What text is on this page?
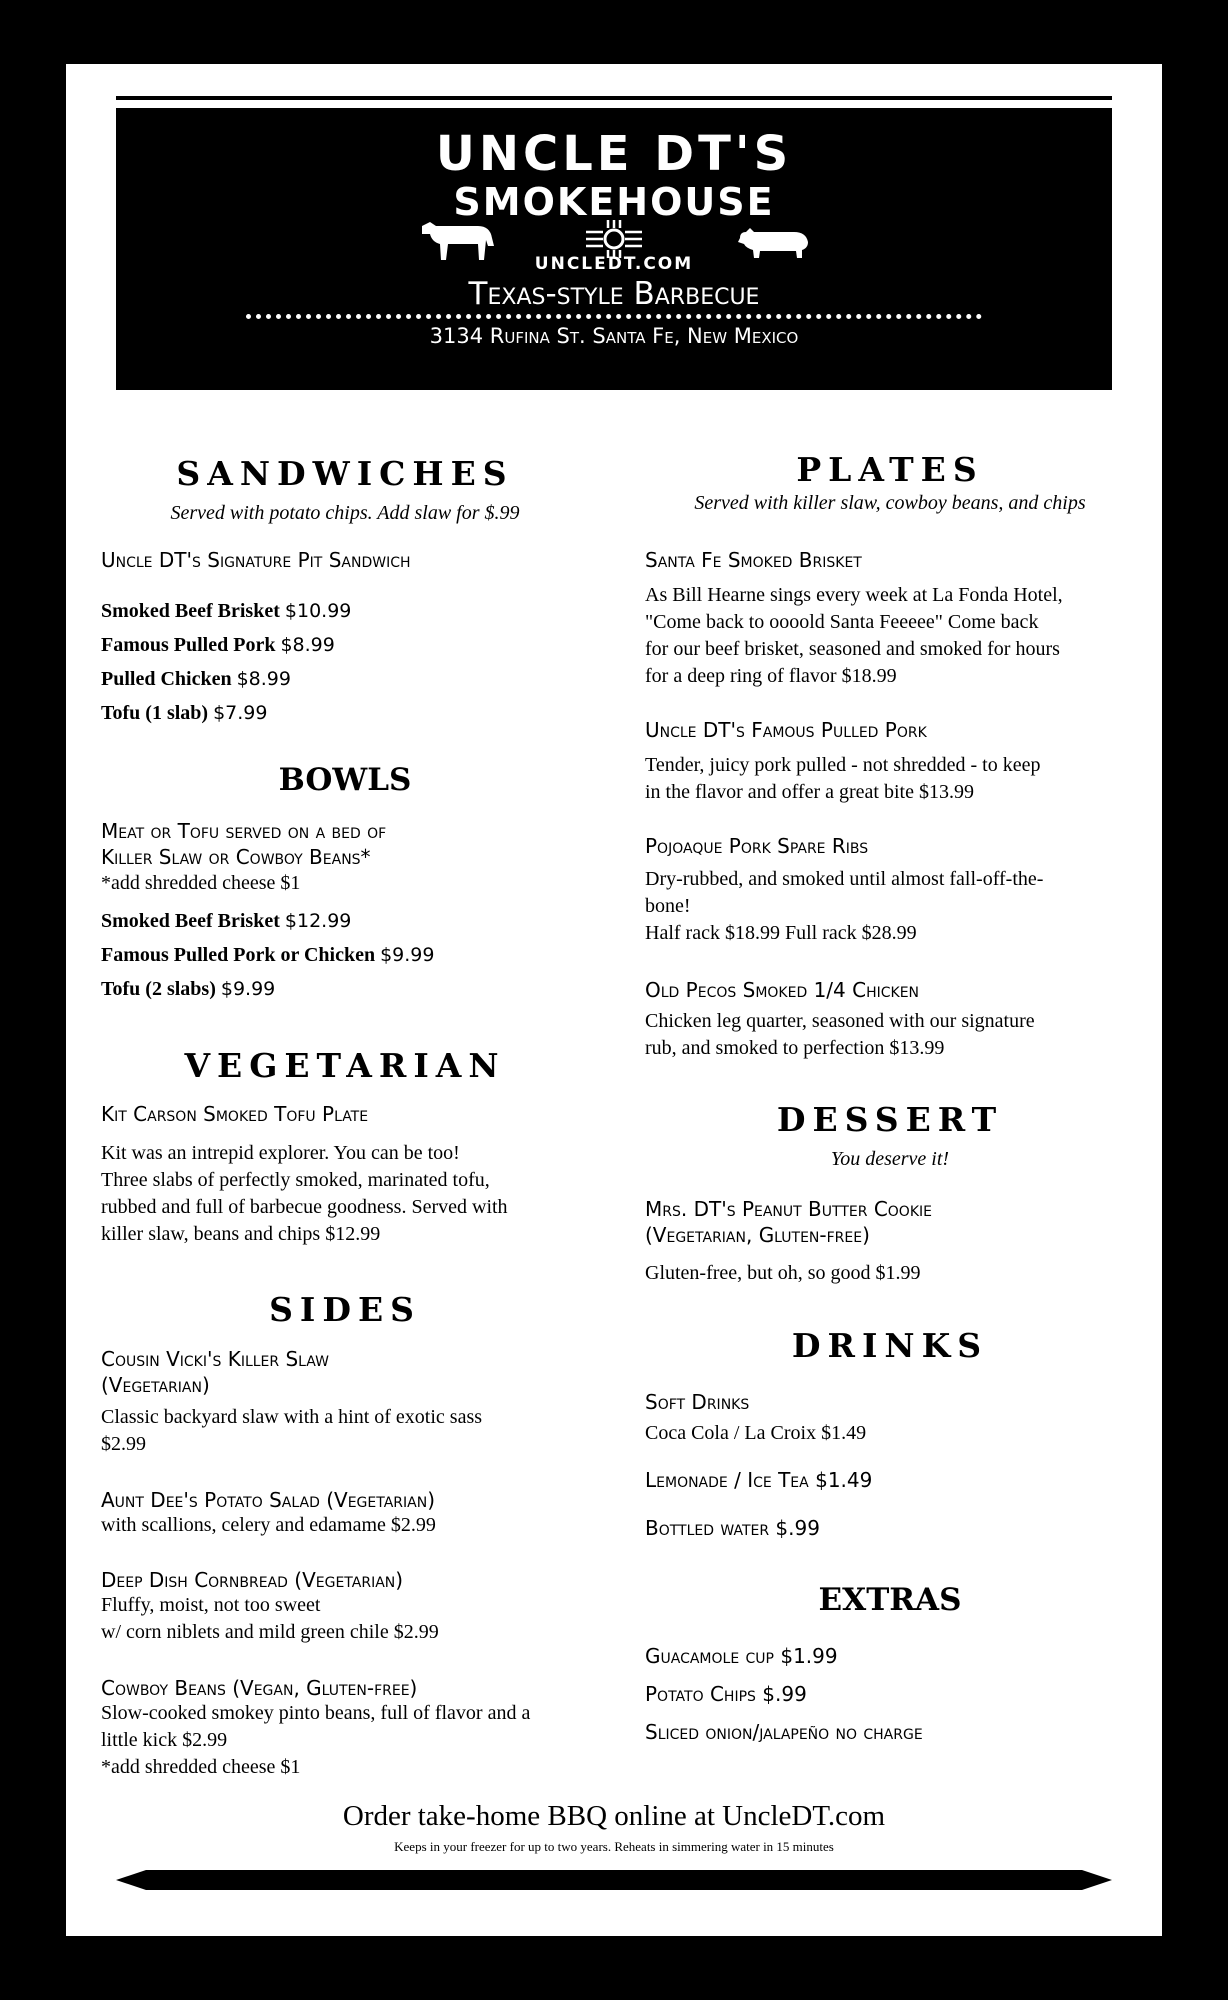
UNCLE DT'S
SMOKEHOUSE
UNCLEDT.COM
Texas-style Barbecue
3134 Rufina St. Santa Fe, New Mexico
SANDWICHES
Served with potato chips. Add slaw for $.99
Uncle DT's Signature Pit Sandwich
Smoked Beef Brisket $10.99
Famous Pulled Pork $8.99
Pulled Chicken $8.99
Tofu (1 slab) $7.99
BOWLS
Meat or Tofu served on a bed of
Killer Slaw or Cowboy Beans*
*add shredded cheese $1
Smoked Beef Brisket $12.99
Famous Pulled Pork or Chicken $9.99
Tofu (2 slabs) $9.99
VEGETARIAN
Kit Carson Smoked Tofu Plate
Kit was an intrepid explorer. You can be too!
Three slabs of perfectly smoked, marinated tofu,
rubbed and full of barbecue goodness. Served with
killer slaw, beans and chips $12.99
SIDES
Cousin Vicki's Killer Slaw
(Vegetarian)
Classic backyard slaw with a hint of exotic sass
$2.99
Aunt Dee's Potato Salad (Vegetarian)
with scallions, celery and edamame $2.99
Deep Dish Cornbread (Vegetarian)
Fluffy, moist, not too sweet
w/ corn niblets and mild green chile $2.99
Cowboy Beans (Vegan, Gluten-free)
Slow-cooked smokey pinto beans, full of flavor and a
little kick $2.99
*add shredded cheese $1
PLATES
Served with killer slaw, cowboy beans, and chips
Santa Fe Smoked Brisket
As Bill Hearne sings every week at La Fonda Hotel,
"Come back to oooold Santa Feeeee" Come back
for our beef brisket, seasoned and smoked for hours
for a deep ring of flavor $18.99
Uncle DT's Famous Pulled Pork
Tender, juicy pork pulled - not shredded - to keep
in the flavor and offer a great bite $13.99
Pojoaque Pork Spare Ribs
Dry-rubbed, and smoked until almost fall-off-the-
bone!
Half rack $18.99 Full rack $28.99
Old Pecos Smoked 1/4 Chicken
Chicken leg quarter, seasoned with our signature
rub, and smoked to perfection $13.99
DESSERT
You deserve it!
Mrs. DT's Peanut Butter Cookie
(Vegetarian, Gluten-free)
Gluten-free, but oh, so good $1.99
DRINKS
Soft Drinks
Coca Cola / La Croix $1.49
Lemonade / Ice Tea $1.49
Bottled water $.99
EXTRAS
Guacamole cup $1.99
Potato Chips $.99
Sliced onion/jalapeño no charge
Order take-home BBQ online at UncleDT.com
Keeps in your freezer for up to two years. Reheats in simmering water in 15 minutes
